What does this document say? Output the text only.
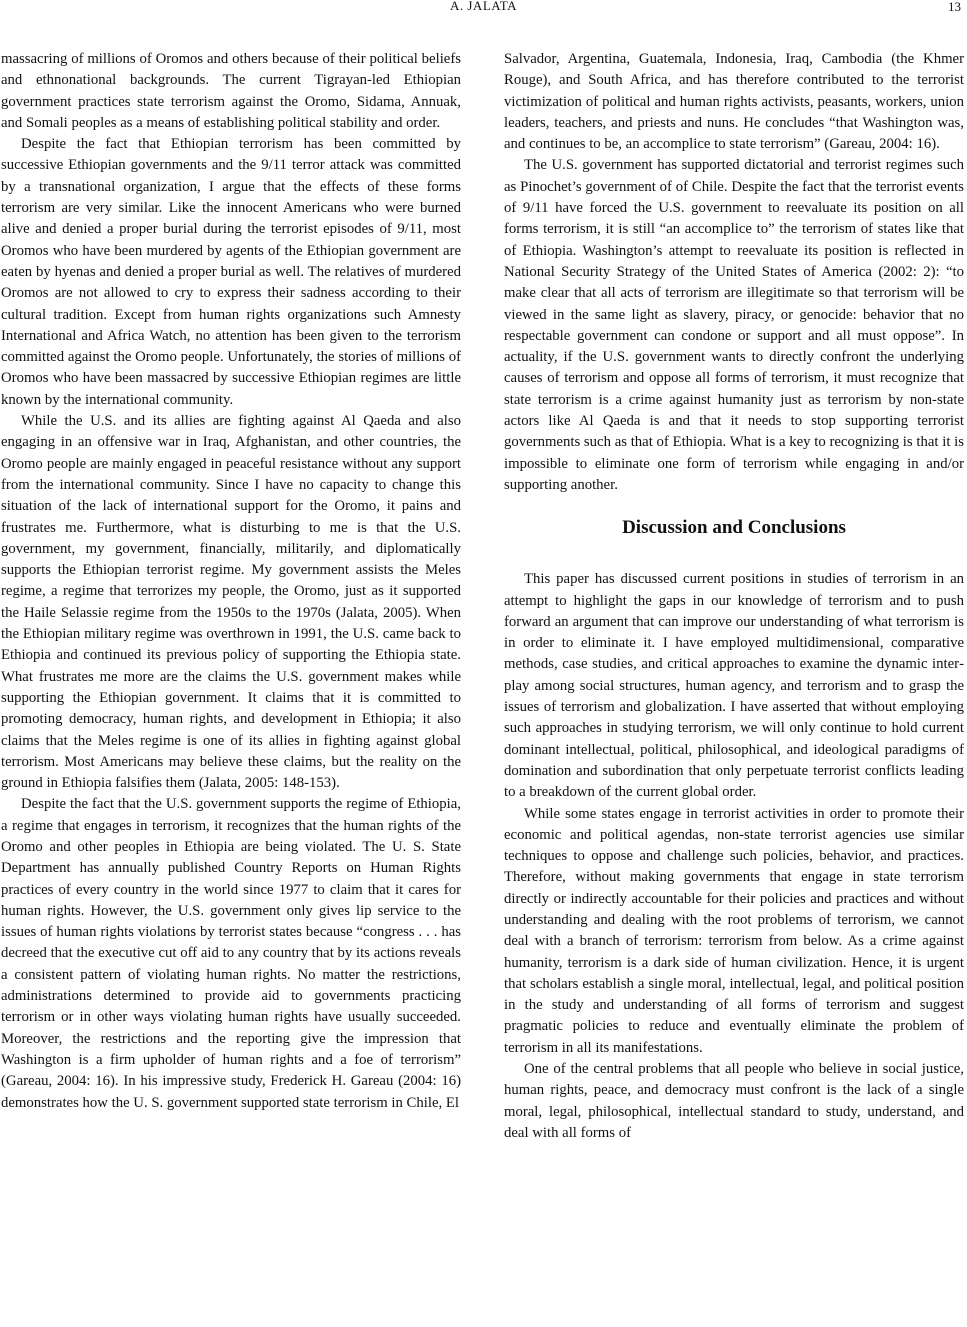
A. JALATA	13

massacring of millions of Oromos and others because of their political beliefs and ethnonational backgrounds. The current Tigrayan-led Ethiopian government practices state terrorism against the Oromo, Sidama, Annuak, and Somali peoples as a means of establishing political stability and order.

Despite the fact that Ethiopian terrorism has been committed by successive Ethiopian governments and the 9/11 terror attack was committed by a transnational organization, I argue that the effects of these forms terrorism are very similar. Like the innocent Americans who were burned alive and denied a proper burial during the terrorist episodes of 9/11, most Oromos who have been murdered by agents of the Ethiopian government are eaten by hyenas and denied a proper burial as well. The relatives of murdered Oromos are not allowed to cry to express their sadness according to their cultural tradition. Except from human rights organizations such Amnesty International and Africa Watch, no attention has been given to the terrorism committed against the Oromo people. Unfortunately, the stories of millions of Oromos who have been massacred by successive Ethiopian regimes are little known by the international community.

While the U.S. and its allies are fighting against Al Qaeda and also engaging in an offensive war in Iraq, Afghanistan, and other countries, the Oromo people are mainly engaged in peaceful resistance without any support from the international community. Since I have no capacity to change this situation of the lack of international support for the Oromo, it pains and frustrates me. Furthermore, what is disturbing to me is that the U.S. government, my government, financially, militarily, and diplomatically supports the Ethiopian terrorist regime. My government assists the Meles regime, a regime that terrorizes my people, the Oromo, just as it supported the Haile Selassie regime from the 1950s to the 1970s (Jalata, 2005). When the Ethiopian military regime was overthrown in 1991, the U.S. came back to Ethiopia and continued its previous policy of supporting the Ethiopia state. What frustrates me more are the claims the U.S. government makes while supporting the Ethiopian government. It claims that it is committed to promoting democracy, human rights, and development in Ethiopia; it also claims that the Meles regime is one of its allies in fighting against global terrorism. Most Americans may believe these claims, but the reality on the ground in Ethiopia falsifies them (Jalata, 2005: 148-153).

Despite the fact that the U.S. government supports the regime of Ethiopia, a regime that engages in terrorism, it recognizes that the human rights of the Oromo and other peoples in Ethiopia are being violated. The U. S. State Department has annually published Country Reports on Human Rights practices of every country in the world since 1977 to claim that it cares for human rights. However, the U.S. government only gives lip service to the issues of human rights violations by terrorist states because “congress . . . has decreed that the executive cut off aid to any country that by its actions reveals a consistent pattern of violating human rights. No matter the restrictions, administrations determined to provide aid to governments practicing terrorism or in other ways violating human rights have usually succeeded. Moreover, the restrictions and the reporting give the impression that Washington is a firm upholder of human rights and a foe of terrorism” (Gareau, 2004: 16). In his impressive study, Frederick H. Gareau (2004: 16) demonstrates how the U. S. government supported state terrorism in Chile, El

Salvador, Argentina, Guatemala, Indonesia, Iraq, Cambodia (the Khmer Rouge), and South Africa, and has therefore contributed to the terrorist victimization of political and human rights activists, peasants, workers, union leaders, teachers, and priests and nuns. He concludes “that Washington was, and continues to be, an accomplice to state terrorism” (Gareau, 2004: 16).

The U.S. government has supported dictatorial and terrorist regimes such as Pinochet’s government of of Chile. Despite the fact that the terrorist events of 9/11 have forced the U.S. government to reevaluate its position on all forms terrorism, it is still “an accomplice to” the terrorism of states like that of Ethiopia. Washington’s attempt to reevaluate its position is reflected in National Security Strategy of the United States of America (2002: 2): “to make clear that all acts of terrorism are illegitimate so that terrorism will be viewed in the same light as slavery, piracy, or genocide: behavior that no respectable government can condone or support and all must oppose”. In actuality, if the U.S. government wants to directly confront the underlying causes of terrorism and oppose all forms of terrorism, it must recognize that state terrorism is a crime against humanity just as terrorism by non-state actors like Al Qaeda is and that it needs to stop supporting terrorist governments such as that of Ethiopia. What is a key to recognizing is that it is impossible to eliminate one form of terrorism while engaging in and/or supporting another.

Discussion and Conclusions

This paper has discussed current positions in studies of terrorism in an attempt to highlight the gaps in our knowledge of terrorism and to push forward an argument that can improve our understanding of what terrorism is in order to eliminate it. I have employed multidimensional, comparative methods, case studies, and critical approaches to examine the dynamic interplay among social structures, human agency, and terrorism and to grasp the issues of terrorism and globalization. I have asserted that without employing such approaches in studying terrorism, we will only continue to hold current dominant intellectual, political, philosophical, and ideological paradigms of domination and subordination that only perpetuate terrorist conflicts leading to a breakdown of the current global order.

While some states engage in terrorist activities in order to promote their economic and political agendas, non-state terrorist agencies use similar techniques to oppose and challenge such policies, behavior, and practices. Therefore, without making governments that engage in state terrorism directly or indirectly accountable for their policies and practices and without understanding and dealing with the root problems of terrorism, we cannot deal with a branch of terrorism: terrorism from below. As a crime against humanity, terrorism is a dark side of human civilization. Hence, it is urgent that scholars establish a single moral, intellectual, legal, and political position in the study and understanding of all forms of terrorism and suggest pragmatic policies to reduce and eventually eliminate the problem of terrorism in all its manifestations.

One of the central problems that all people who believe in social justice, human rights, peace, and democracy must confront is the lack of a single moral, legal, philosophical, intellectual standard to study, understand, and deal with all forms of
